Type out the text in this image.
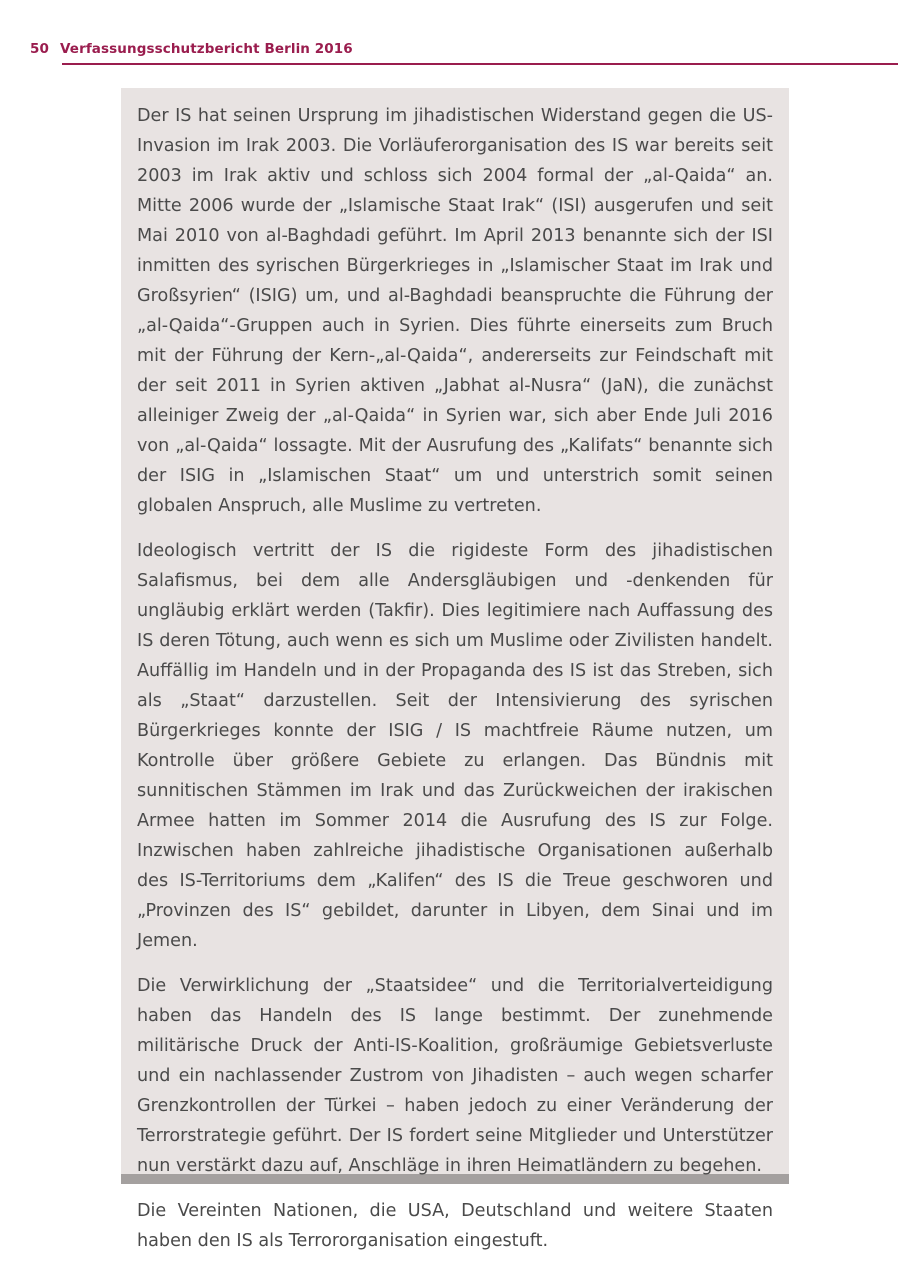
50 Verfassungsschutzbericht Berlin 2016

Der IS hat seinen Ursprung im jihadistischen Widerstand gegen die US-Invasion im Irak 2003. Die Vorläuferorganisation des IS war bereits seit 2003 im Irak aktiv und schloss sich 2004 formal der „al-Qaida“ an. Mitte 2006 wurde der „Islamische Staat Irak“ (ISI) ausgerufen und seit Mai 2010 von al-Baghdadi geführt. Im April 2013 benannte sich der ISI inmitten des syrischen Bürgerkrieges in „Islamischer Staat im Irak und Großsyrien“ (ISIG) um, und al-Baghdadi beanspruchte die Führung der „al-Qaida“-Gruppen auch in Syrien. Dies führte einerseits zum Bruch mit der Führung der Kern-„al-Qaida“, andererseits zur Feindschaft mit der seit 2011 in Syrien aktiven „Jabhat al-Nusra“ (JaN), die zunächst alleiniger Zweig der „al-Qaida“ in Syrien war, sich aber Ende Juli 2016 von „al-Qaida“ lossagte. Mit der Ausrufung des „Kalifats“ benannte sich der ISIG in „Islamischen Staat“ um und unterstrich somit seinen globalen Anspruch, alle Muslime zu vertreten.

Ideologisch vertritt der IS die rigideste Form des jihadistischen Salafismus, bei dem alle Andersgläubigen und -denkenden für ungläubig erklärt werden (Takfir). Dies legitimiere nach Auffassung des IS deren Tötung, auch wenn es sich um Muslime oder Zivilisten handelt. Auffällig im Handeln und in der Propaganda des IS ist das Streben, sich als „Staat“ darzustellen. Seit der Intensivierung des syrischen Bürgerkrieges konnte der ISIG / IS machtfreie Räume nutzen, um Kontrolle über größere Gebiete zu erlangen. Das Bündnis mit sunnitischen Stämmen im Irak und das Zurückweichen der irakischen Armee hatten im Sommer 2014 die Ausrufung des IS zur Folge. Inzwischen haben zahlreiche jihadistische Organisationen außerhalb des IS-Territoriums dem „Kalifen“ des IS die Treue geschworen und „Provinzen des IS“ gebildet, darunter in Libyen, dem Sinai und im Jemen.

Die Verwirklichung der „Staatsidee“ und die Territorialverteidigung haben das Handeln des IS lange bestimmt. Der zunehmende militärische Druck der Anti-IS-Koalition, großräumige Gebietsverluste und ein nachlassender Zustrom von Jihadisten – auch wegen scharfer Grenzkontrollen der Türkei – haben jedoch zu einer Veränderung der Terrorstrategie geführt. Der IS fordert seine Mitglieder und Unterstützer nun verstärkt dazu auf, Anschläge in ihren Heimatländern zu begehen.

Die Vereinten Nationen, die USA, Deutschland und weitere Staaten haben den IS als Terrororganisation eingestuft.
